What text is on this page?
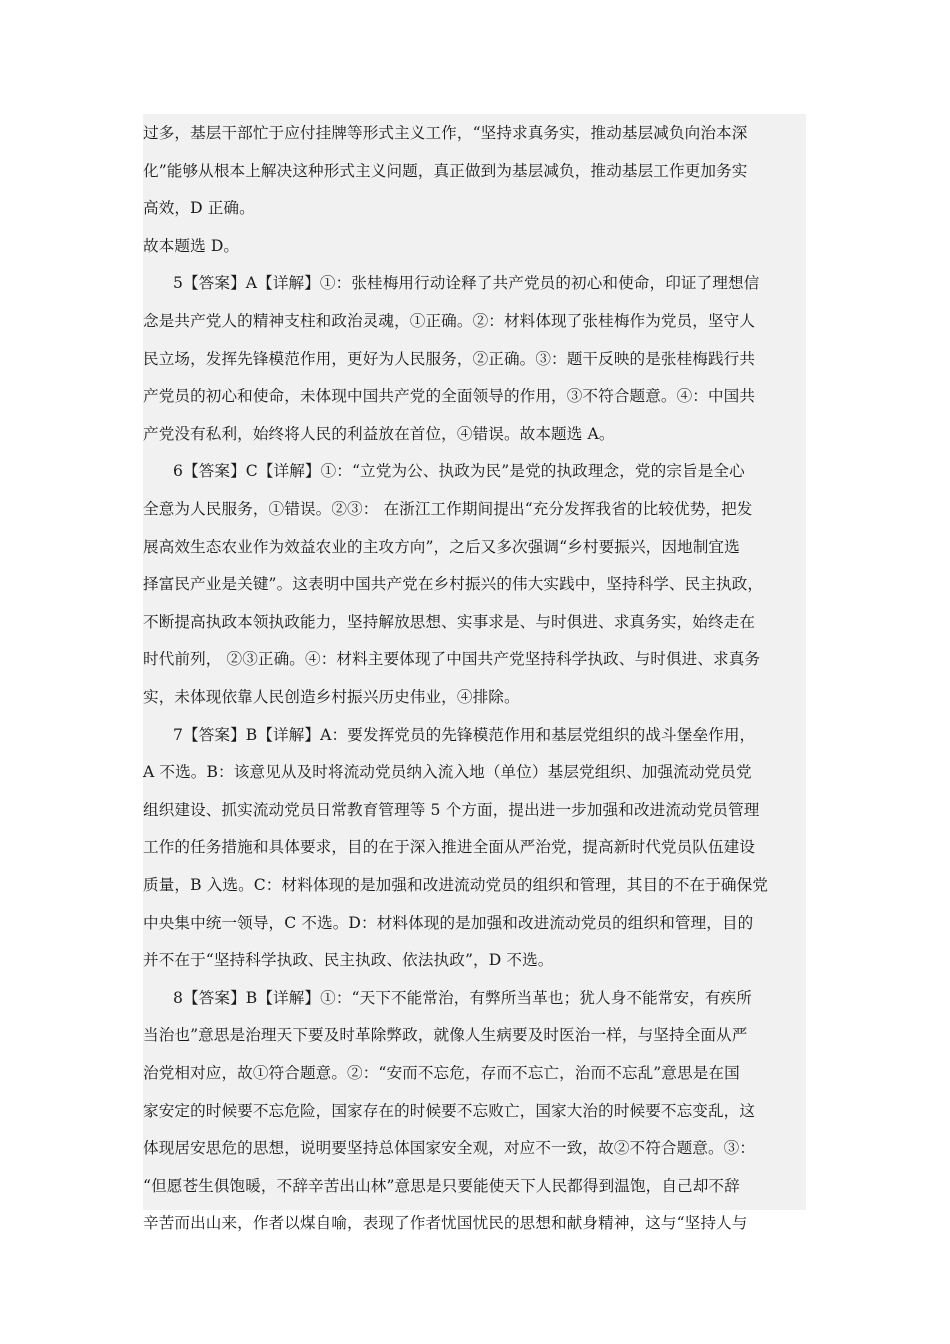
过多，基层干部忙于应付挂牌等形式主义工作，“坚持求真务实，推动基层减负向治本深
化”能够从根本上解决这种形式主义问题，真正做到为基层减负，推动基层工作更加务实
高效，D 正确。
故本题选 D。
5【答案】A【详解】①：张桂梅用行动诠释了共产党员的初心和使命，印证了理想信
念是共产党人的精神支柱和政治灵魂，①正确。②：材料体现了张桂梅作为党员，坚守人
民立场，发挥先锋模范作用，更好为人民服务，②正确。③：题干反映的是张桂梅践行共
产党员的初心和使命，未体现中国共产党的全面领导的作用，③不符合题意。④：中国共
产党没有私利，始终将人民的利益放在首位，④错误。故本题选 A。
6【答案】C【详解】①：“立党为公、执政为民”是党的执政理念，党的宗旨是全心
全意为人民服务，①错误。②③： 在浙江工作期间提出“充分发挥我省的比较优势，把发
展高效生态农业作为效益农业的主攻方向”，之后又多次强调“乡村要振兴，因地制宜选
择富民产业是关键”。这表明中国共产党在乡村振兴的伟大实践中，坚持科学、民主执政，
不断提高执政本领执政能力，坚持解放思想、实事求是、与时俱进、求真务实，始终走在
时代前列， ②③正确。④：材料主要体现了中国共产党坚持科学执政、与时俱进、求真务
实，未体现依靠人民创造乡村振兴历史伟业，④排除。
7【答案】B【详解】A：要发挥党员的先锋模范作用和基层党组织的战斗堡垒作用，
A 不选。B：该意见从及时将流动党员纳入流入地（单位）基层党组织、加强流动党员党
组织建设、抓实流动党员日常教育管理等 5 个方面，提出进一步加强和改进流动党员管理
工作的任务措施和具体要求，目的在于深入推进全面从严治党，提高新时代党员队伍建设
质量，B 入选。C：材料体现的是加强和改进流动党员的组织和管理，其目的不在于确保党
中央集中统一领导，C 不选。D：材料体现的是加强和改进流动党员的组织和管理，目的
并不在于“坚持科学执政、民主执政、依法执政”，D 不选。
8【答案】B【详解】①：“天下不能常治，有弊所当革也；犹人身不能常安，有疾所
当治也”意思是治理天下要及时革除弊政，就像人生病要及时医治一样，与坚持全面从严
治党相对应，故①符合题意。②：“安而不忘危，存而不忘亡，治而不忘乱”意思是在国
家安定的时候要不忘危险，国家存在的时候要不忘败亡，国家大治的时候要不忘变乱，这
体现居安思危的思想，说明要坚持总体国家安全观，对应不一致，故②不符合题意。③：
“但愿苍生俱饱暖，不辞辛苦出山林”意思是只要能使天下人民都得到温饱，自己却不辞
辛苦而出山来，作者以煤自喻，表现了作者忧国忧民的思想和献身精神，这与“坚持人与
